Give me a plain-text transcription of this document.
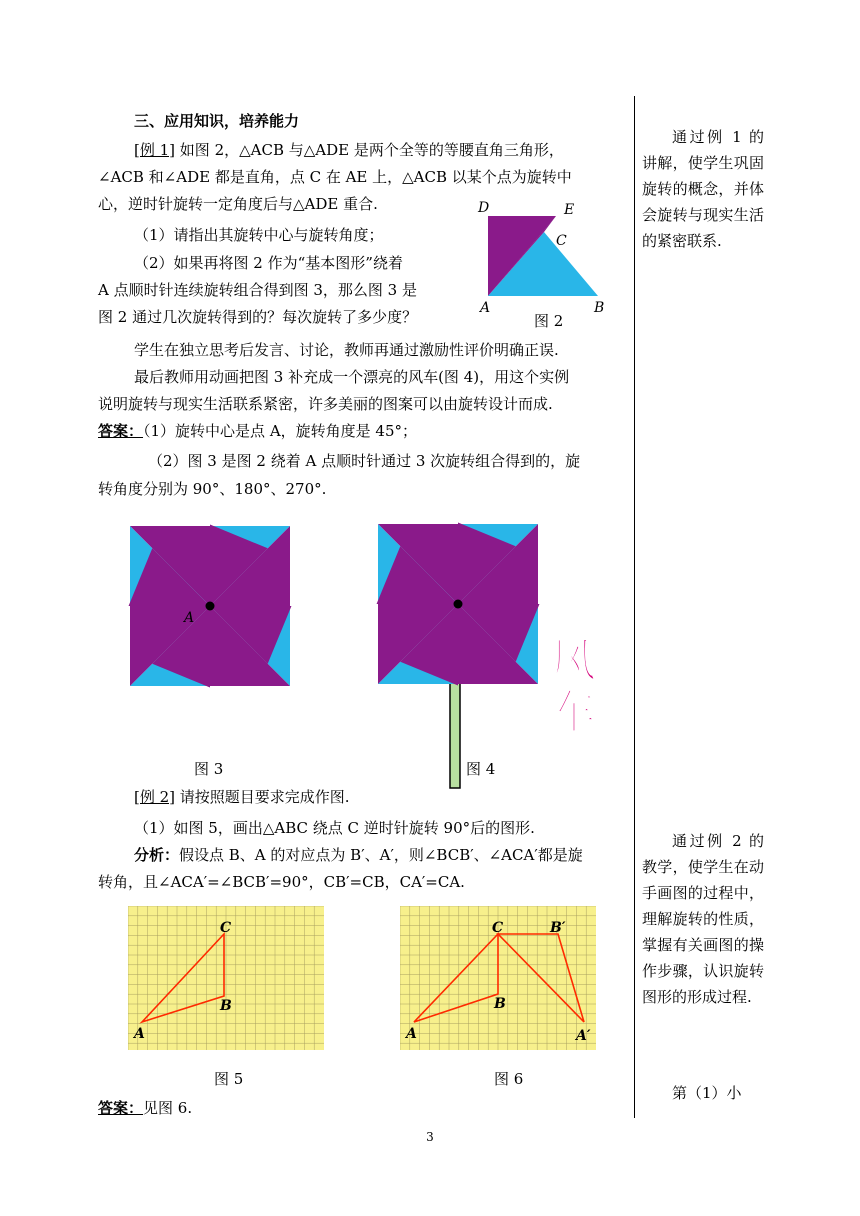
三、应用知识，培养能力
[例 1] 如图 2，△ACB 与△ADE 是两个全等的等腰直角三角形，
∠ACB 和∠ADE 都是直角，点 C 在 AE 上，△ACB 以某个点为旋转中
心，逆时针旋转一定角度后与△ADE 重合.
（1）请指出其旋转中心与旋转角度；
（2）如果再将图 2 作为“基本图形”绕着
A 点顺时针连续旋转组合得到图 3，那么图 3 是
图 2 通过几次旋转得到的？每次旋转了多少度？
学生在独立思考后发言、讨论，教师再通过激励性评价明确正误.
最后教师用动画把图 3 补充成一个漂亮的风车(图 4)，用这个实例
说明旋转与现实生活联系紧密，许多美丽的图案可以由旋转设计而成.
答案：（1）旋转中心是点 A，旋转角度是 45°；
（2）图 3 是图 2 绕着 A 点顺时针通过 3 次旋转组合得到的，旋
转角度分别为 90°、180°、270°.
D	E
C
A	B
图 2
A
图 3
风
车
图 4
[例 2] 请按照题目要求完成作图.
（1）如图 5，画出△ABC 绕点 C 逆时针旋转 90°后的图形.
分析：假设点 B、A 的对应点为 B′、A′，则∠BCB′、∠ACA′都是旋
转角，且∠ACA′=∠BCB′=90°，CB′=CB，CA′=CA.
A
B
C
图 5
A
B
C	B′
A′
图 6
答案：见图 6.
通过例 1 的讲解，使学生巩固旋转的概念，并体会旋转与现实生活的紧密联系.
通过例 2 的教学，使学生在动手画图的过程中，理解旋转的性质，掌握有关画图的操作步骤，认识旋转图形的形成过程.
第（1）小
3
